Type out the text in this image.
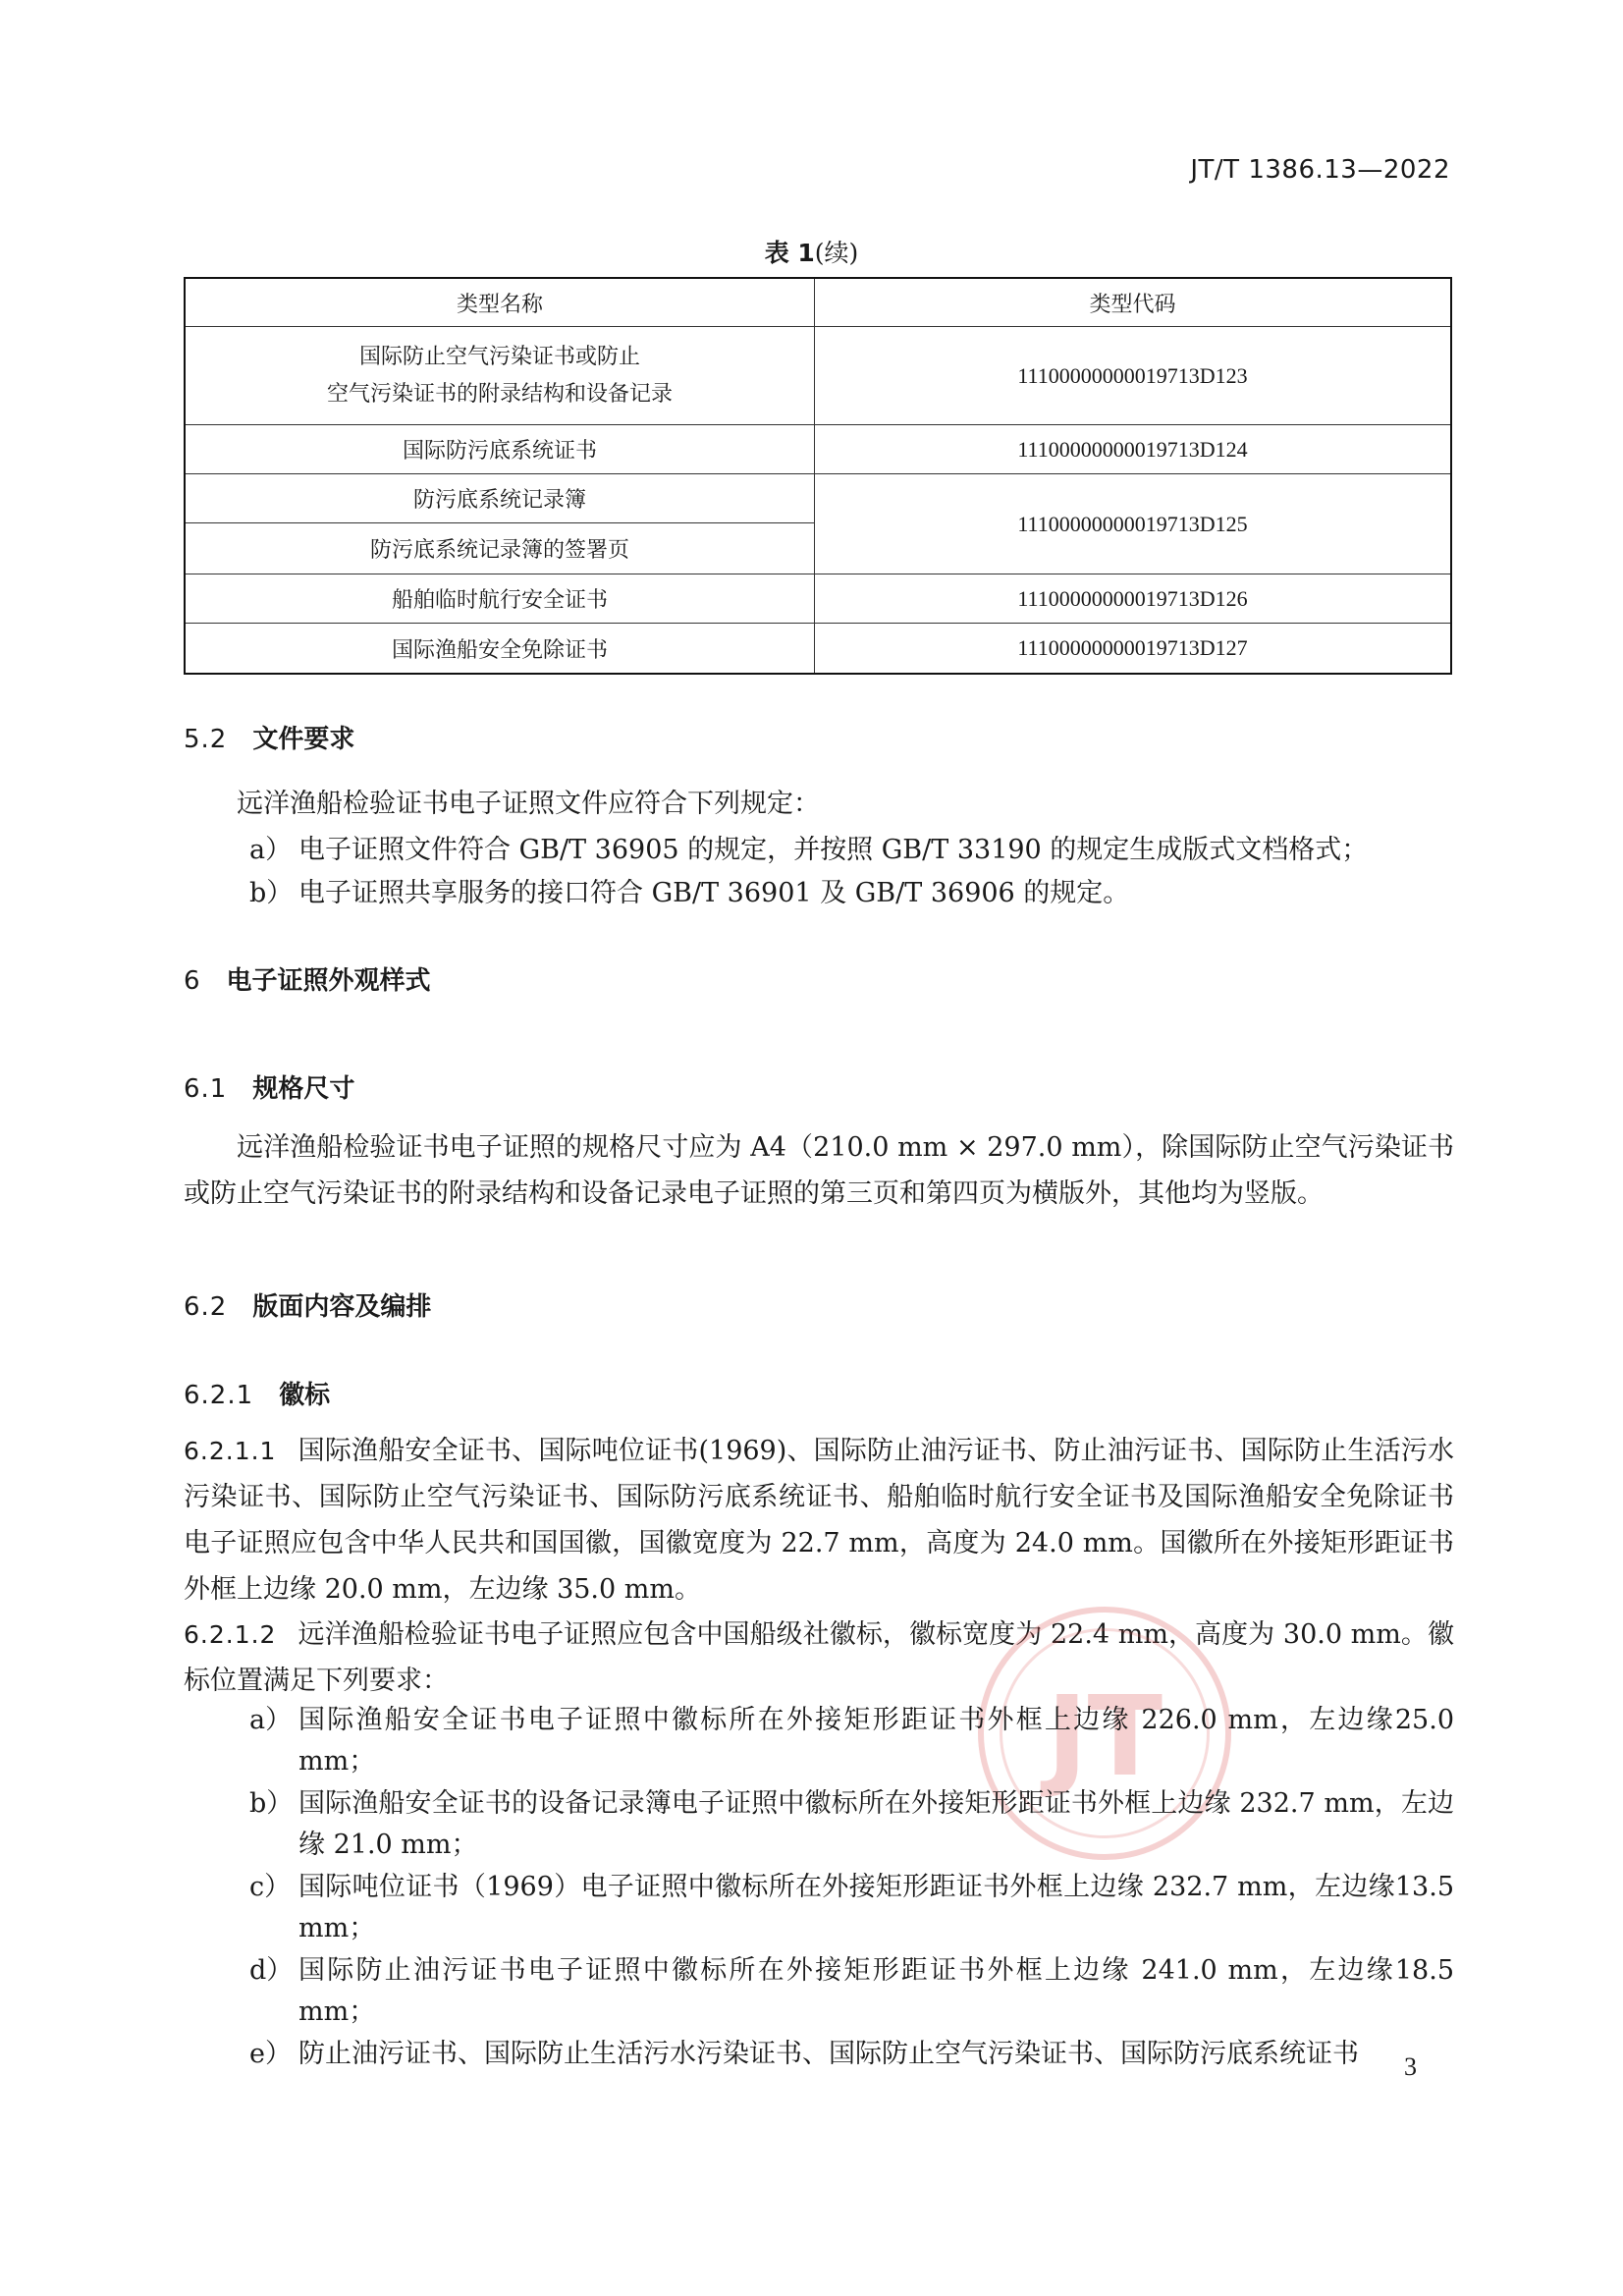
JT/T 1386.13—2022
表 1(续)
类型名称	类型代码

国际防止空气污染证书或防止
空气污染证书的附录结构和设备记录	11100000000019713D123
国际防污底系统证书	11100000000019713D124
防污底系统记录簿	11100000000019713D125
防污底系统记录簿的签署页	
船舶临时航行安全证书	11100000000019713D126
国际渔船安全免除证书	11100000000019713D127
5.2 文件要求
远洋渔船检验证书电子证照文件应符合下列规定：
a） 电子证照文件符合 GB/T 36905 的规定，并按照 GB/T 33190 的规定生成版式文档格式；
b） 电子证照共享服务的接口符合 GB/T 36901 及 GB/T 36906 的规定。
6 电子证照外观样式
6.1 规格尺寸
远洋渔船检验证书电子证照的规格尺寸应为 A4（210.0 mm × 297.0 mm），除国际防止空气污染证书或防止空气污染证书的附录结构和设备记录电子证照的第三页和第四页为横版外，其他均为竖版。
6.2 版面内容及编排
6.2.1 徽标
6.2.1.1 国际渔船安全证书、国际吨位证书(1969)、国际防止油污证书、防止油污证书、国际防止生活污水污染证书、国际防止空气污染证书、国际防污底系统证书、船舶临时航行安全证书及国际渔船安全免除证书电子证照应包含中华人民共和国国徽，国徽宽度为 22.7 mm，高度为 24.0 mm。国徽所在外接矩形距证书外框上边缘 20.0 mm，左边缘 35.0 mm。
6.2.1.2 远洋渔船检验证书电子证照应包含中国船级社徽标，徽标宽度为 22.4 mm，高度为 30.0 mm。徽标位置满足下列要求：	JT
a） 国际渔船安全证书电子证照中徽标所在外接矩形距证书外框上边缘 226.0 mm，左边缘25.0 mm；
b） 国际渔船安全证书的设备记录簿电子证照中徽标所在外接矩形距证书外框上边缘 232.7 mm，左边缘 21.0 mm；
c） 国际吨位证书（1969）电子证照中徽标所在外接矩形距证书外框上边缘 232.7 mm，左边缘13.5 mm；
d） 国际防止油污证书电子证照中徽标所在外接矩形距证书外框上边缘 241.0 mm，左边缘18.5 mm；
e） 防止油污证书、国际防止生活污水污染证书、国际防止空气污染证书、国际防污底系统证书	3
